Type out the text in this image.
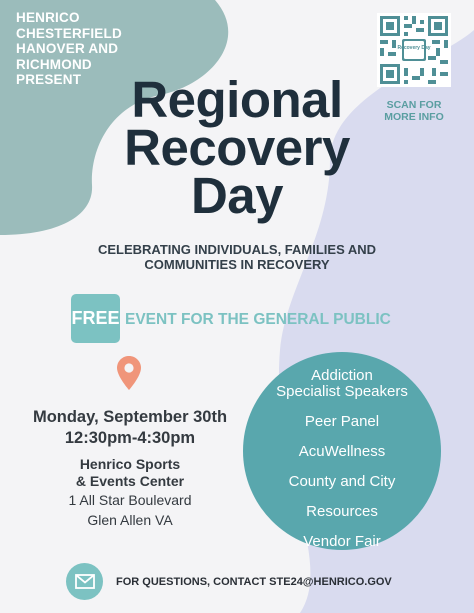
HENRICO
CHESTERFIELD
HANOVER AND
RICHMOND
PRESENT
Recovery Day
SCAN FOR
MORE INFO
Regional
Recovery
Day
CELEBRATING INDIVIDUALS, FAMILIES AND
COMMUNITIES IN RECOVERY
FREE EVENT FOR THE GENERAL PUBLIC
Monday, September 30th
12:30pm-4:30pm
Henrico Sports
& Events Center
1 All Star Boulevard
Glen Allen VA
Addiction
Specialist Speakers
Peer Panel
AcuWellness
County and City
Resources
Vendor Fair
FOR QUESTIONS, CONTACT STE24@HENRICO.GOV
